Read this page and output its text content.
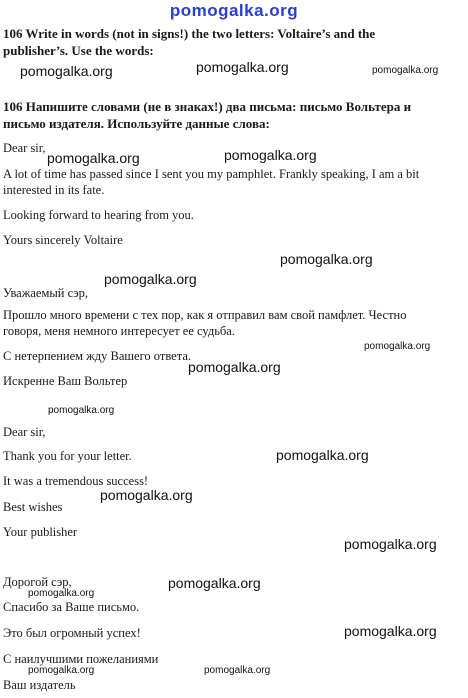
pomogalka.org
106 Write in words (not in signs!) the two letters: Voltaire’s and the
publisher’s. Use the words:
pomogalka.org	pomogalka.org	pomogalka.org
106 Напишите словами (не в знаках!) два письма: письмо Вольтера и
письмо издателя. Используйте данные слова:
Dear sir,
pomogalka.org	pomogalka.org
A lot of time has passed since I sent you my pamphlet. Frankly speaking, I am a bit
interested in its fate.
Looking forward to hearing from you.
Yours sincerely Voltaire
pomogalka.org
pomogalka.org
Уважаемый сэр,
Прошло много времени с тех пор, как я отправил вам свой памфлет. Честно
говоря, меня немного интересует ее судьба.
pomogalka.org
С нетерпением жду Вашего ответа.
pomogalka.org
Искренне Ваш Вольтер
pomogalka.org
Dear sir,
Thank you for your letter.	pomogalka.org
It was a tremendous success!
pomogalka.org
Best wishes
Your publisher
pomogalka.org
Дорогой сэр,	pomogalka.org
pomogalka.org
Спасибо за Ваше письмо.
Это был огромный успех!	pomogalka.org
С наилучшими пожеланиями
pomogalka.org	pomogalka.org
Ваш издатель
